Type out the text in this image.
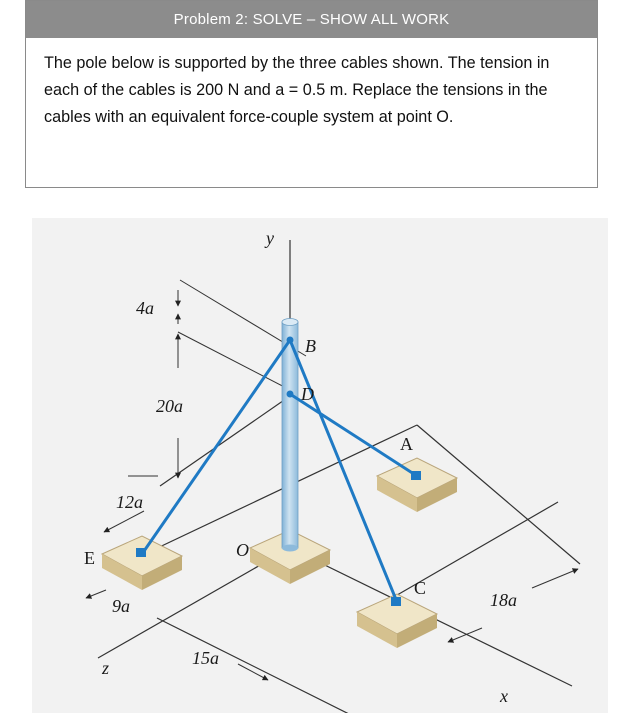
Problem 2: SOLVE – SHOW ALL WORK
The pole below is supported by the three cables shown. The tension in each of the cables is 200 N and a = 0.5 m. Replace the tensions in the cables with an equivalent force-couple system at point O.
y
x
z
B
D
A
C
E	O
4a
20a
12a
9a
15a
18a
